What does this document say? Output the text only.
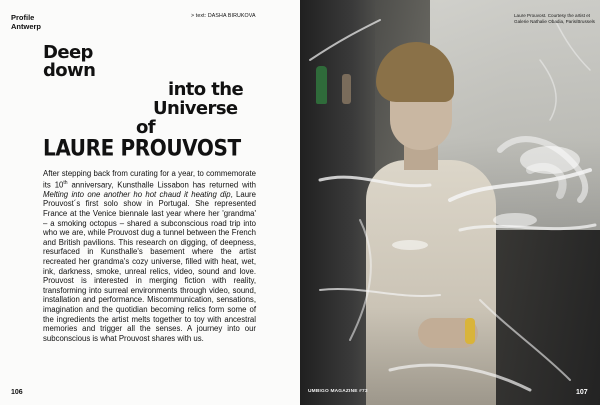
Profile
Antwerp
> text: DASHA BIRUKOVA
Deep
down
into the
Universe
of
LAURE PROUVOST

After stepping back from curating for a year, to commemorate its 10th anniversary, Kunsthalle Lissabon has returned with Melting into one another ho hot chaud it heating dip, Laure Prouvost´s first solo show in Portugal. She represented France at the Venice biennale last year where her 'grandma' – a smoking octopus – shared a subconscious road trip into who we are, while Prouvost dug a tunnel between the French and British pavilions. This research on digging, of deepness, resurfaced in Kunsthalle's basement where the artist recreated her grandma's cozy universe, filled with heat, wet, ink, darkness, smoke, unreal relics, video, sound and love. Prouvost is interested in merging fiction with reality, transforming into surreal environments through video, sound, installation and performance. Miscommunication, sensations, imagination and the quotidian becoming relics form some of the ingredients the artist melts together to toy with ancestral memories and trigger all the senses. A journey into our subconscious is what Prouvost shares with us.

106
Laure Prouvost. Courtesy the artist et Galerie Nathalie Obadia, Paris/Brussels
UMBIGO MAGAZINE #73	107
